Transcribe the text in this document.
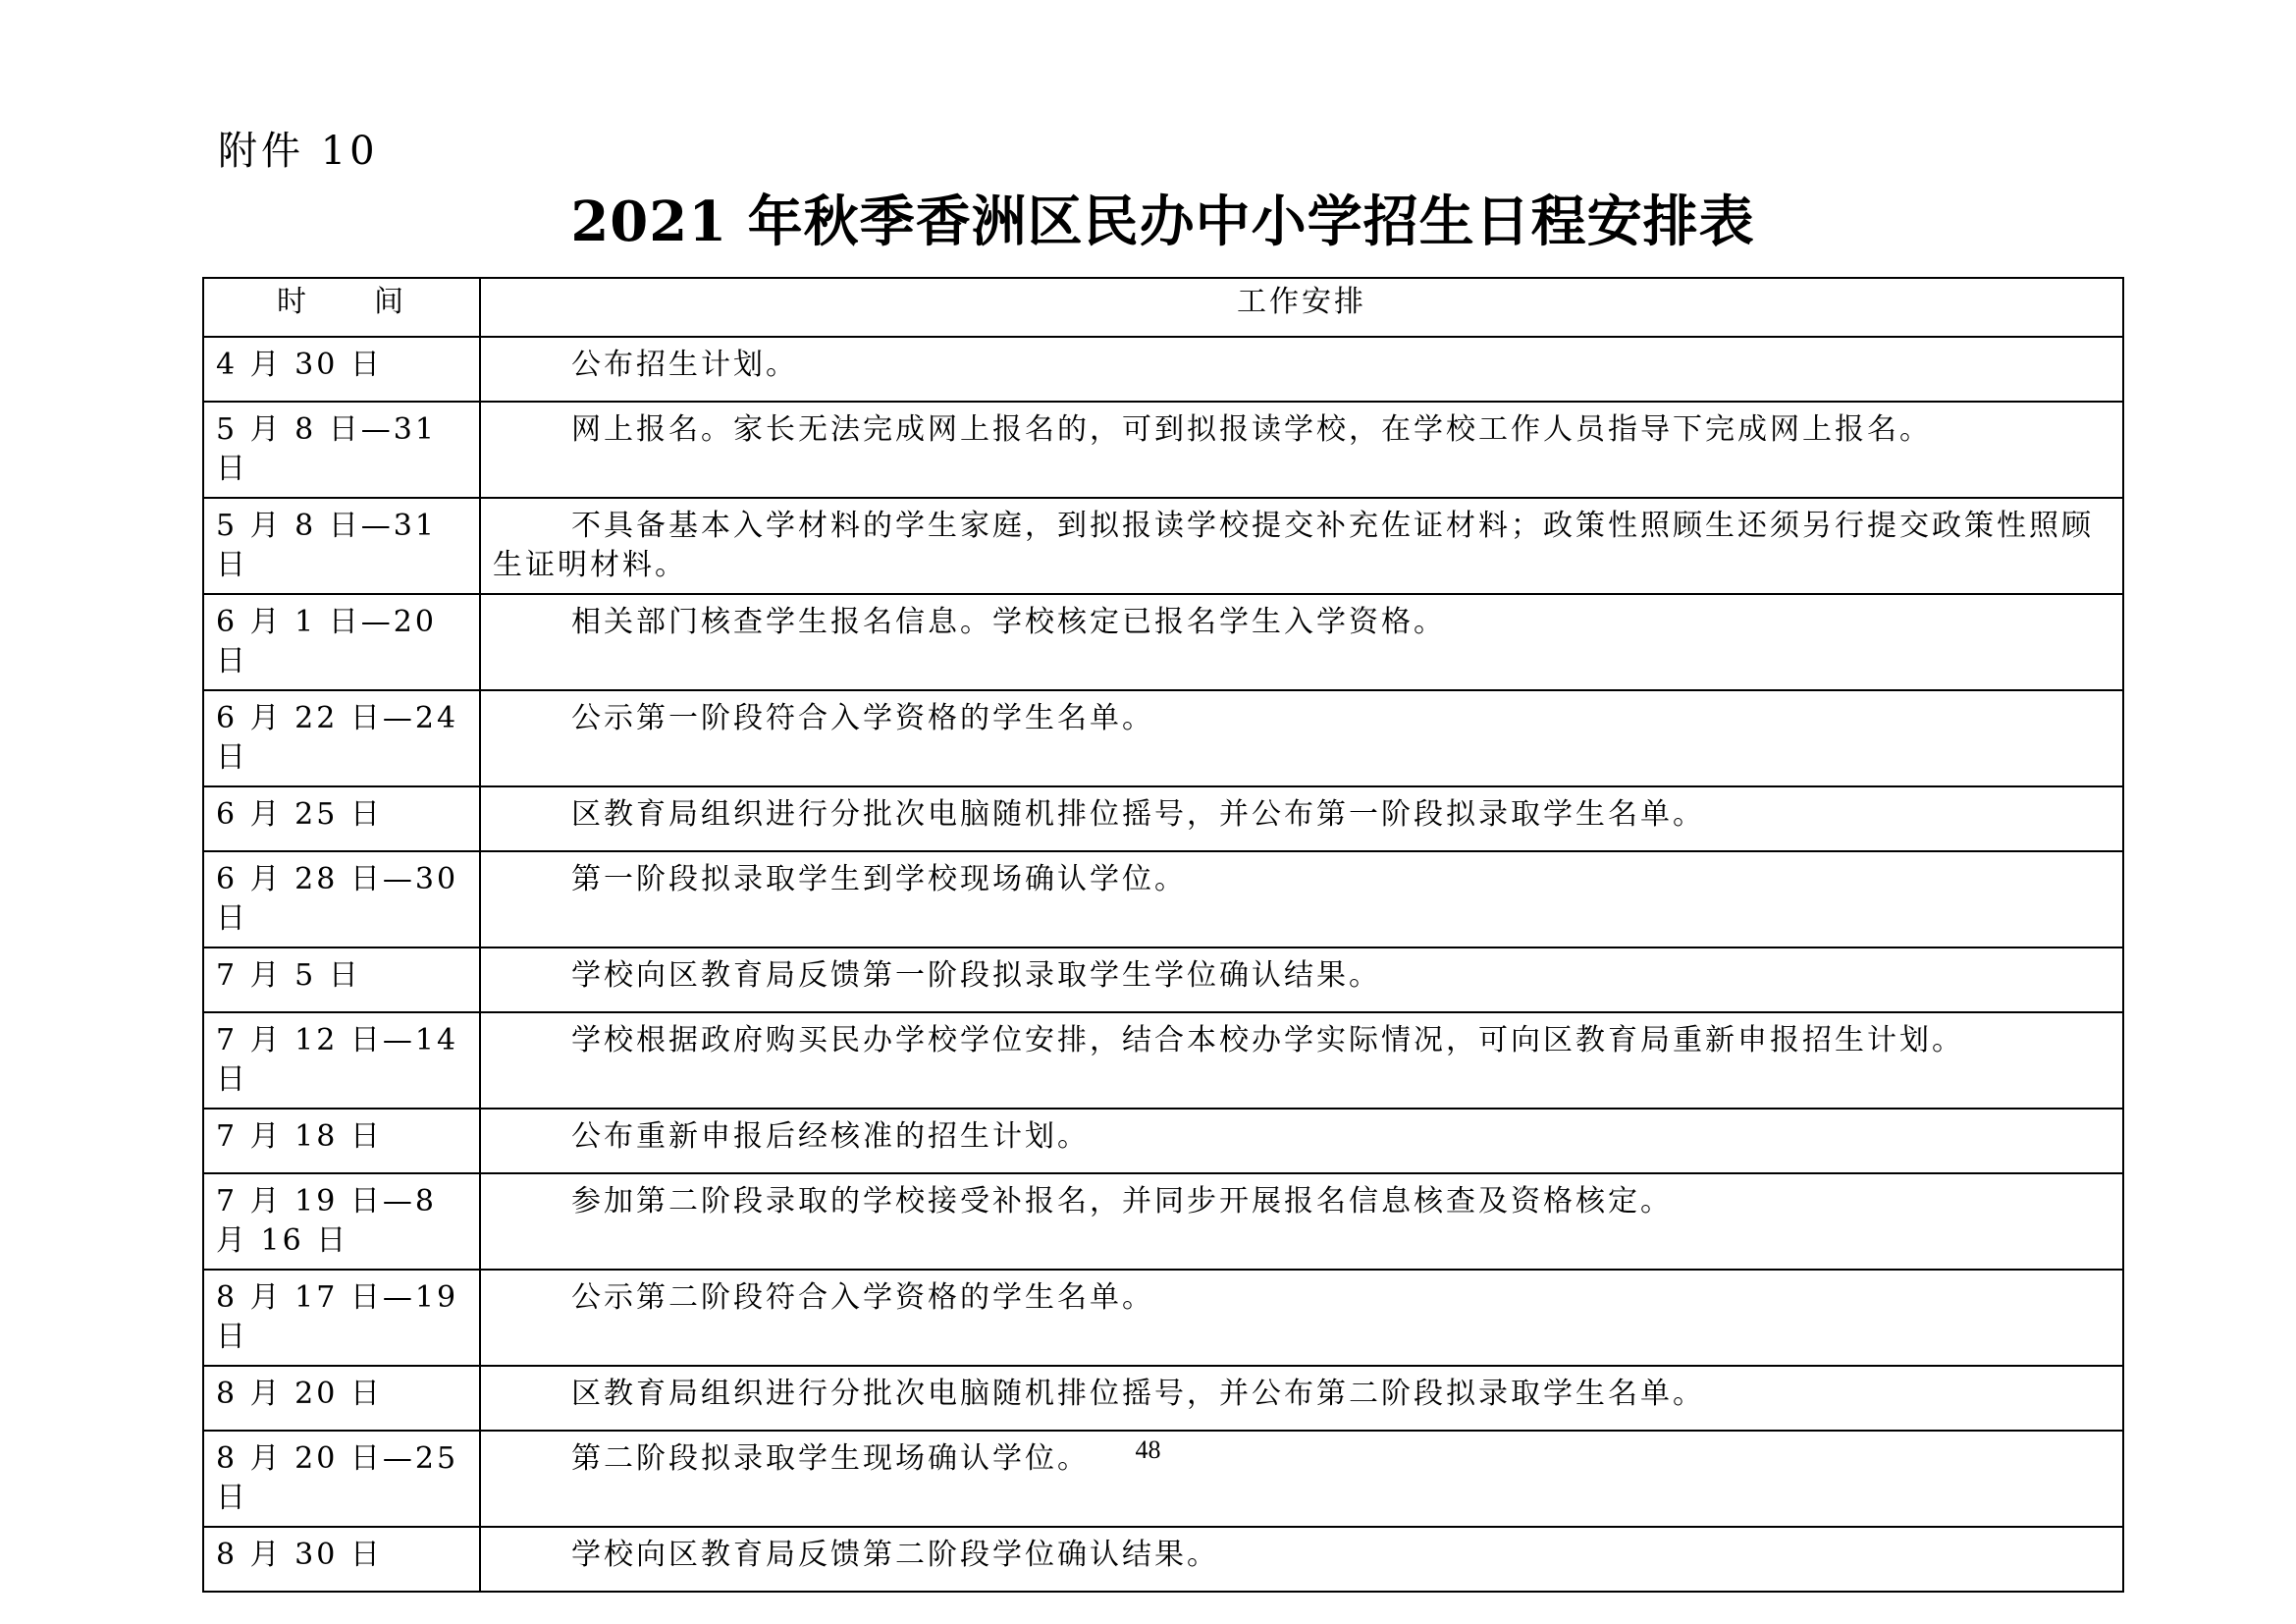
附件 10
2021 年秋季香洲区民办中小学招生日程安排表
时　　间	工作安排
4 月 30 日	公布招生计划。
5 月 8 日—31 日	网上报名。家长无法完成网上报名的，可到拟报读学校，在学校工作人员指导下完成网上报名。
5 月 8 日—31 日	不具备基本入学材料的学生家庭，到拟报读学校提交补充佐证材料；政策性照顾生还须另行提交政策性照顾生证明材料。
6 月 1 日—20 日	相关部门核查学生报名信息。学校核定已报名学生入学资格。
6 月 22 日—24 日	公示第一阶段符合入学资格的学生名单。
6 月 25 日	区教育局组织进行分批次电脑随机排位摇号，并公布第一阶段拟录取学生名单。
6 月 28 日—30 日	第一阶段拟录取学生到学校现场确认学位。
7 月 5 日	学校向区教育局反馈第一阶段拟录取学生学位确认结果。
7 月 12 日—14 日	学校根据政府购买民办学校学位安排，结合本校办学实际情况，可向区教育局重新申报招生计划。
7 月 18 日	公布重新申报后经核准的招生计划。
7 月 19 日—8 月 16 日	参加第二阶段录取的学校接受补报名，并同步开展报名信息核查及资格核定。
8 月 17 日—19 日	公示第二阶段符合入学资格的学生名单。
8 月 20 日	区教育局组织进行分批次电脑随机排位摇号，并公布第二阶段拟录取学生名单。
8 月 20 日—25 日	第二阶段拟录取学生现场确认学位。
8 月 30 日	学校向区教育局反馈第二阶段学位确认结果。
48
